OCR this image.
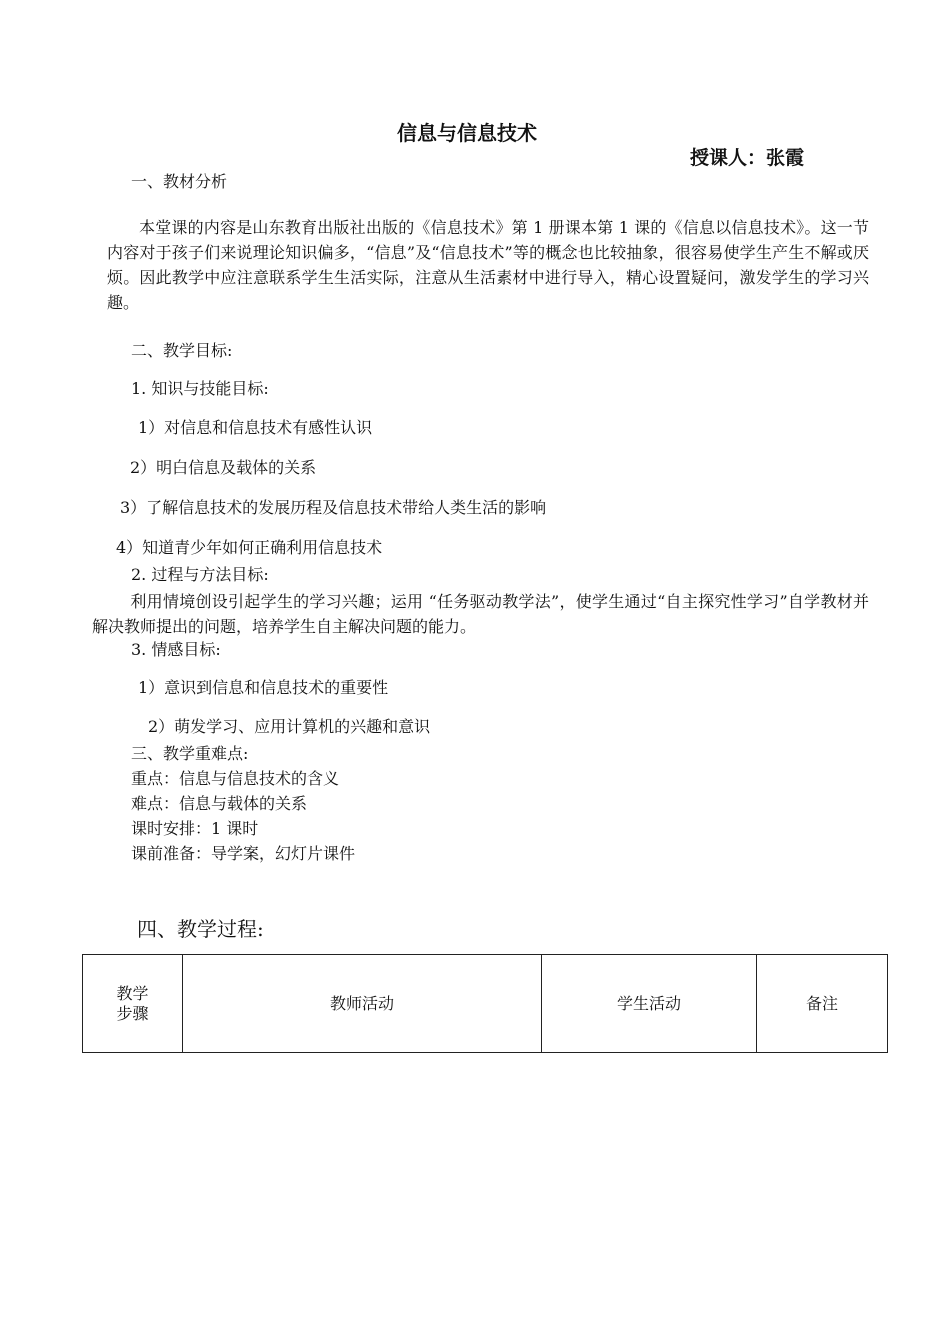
信息与信息技术
授课人：张霞
一、教材分析
本堂课的内容是山东教育出版社出版的《信息技术》第 1 册课本第 1 课的《信息以信息技术》。这一节内容对于孩子们来说理论知识偏多，“信息”及“信息技术”等的概念也比较抽象，很容易使学生产生不解或厌烦。因此教学中应注意联系学生生活实际，注意从生活素材中进行导入，精心设置疑问，激发学生的学习兴趣。
二、教学目标:
1. 知识与技能目标:
1）对信息和信息技术有感性认识
2）明白信息及载体的关系
3）了解信息技术的发展历程及信息技术带给人类生活的影响
4）知道青少年如何正确利用信息技术
2. 过程与方法目标:
利用情境创设引起学生的学习兴趣；运用 “任务驱动教学法”，使学生通过“自主探究性学习”自学教材并解决教师提出的问题，培养学生自主解决问题的能力。
3. 情感目标:
1）意识到信息和信息技术的重要性
2）萌发学习、应用计算机的兴趣和意识
三、教学重难点:
重点：信息与信息技术的含义
难点：信息与载体的关系
课时安排：1 课时
课前准备：导学案，幻灯片课件
四、教学过程:
教学
步骤
	教师活动	学生活动	备注
